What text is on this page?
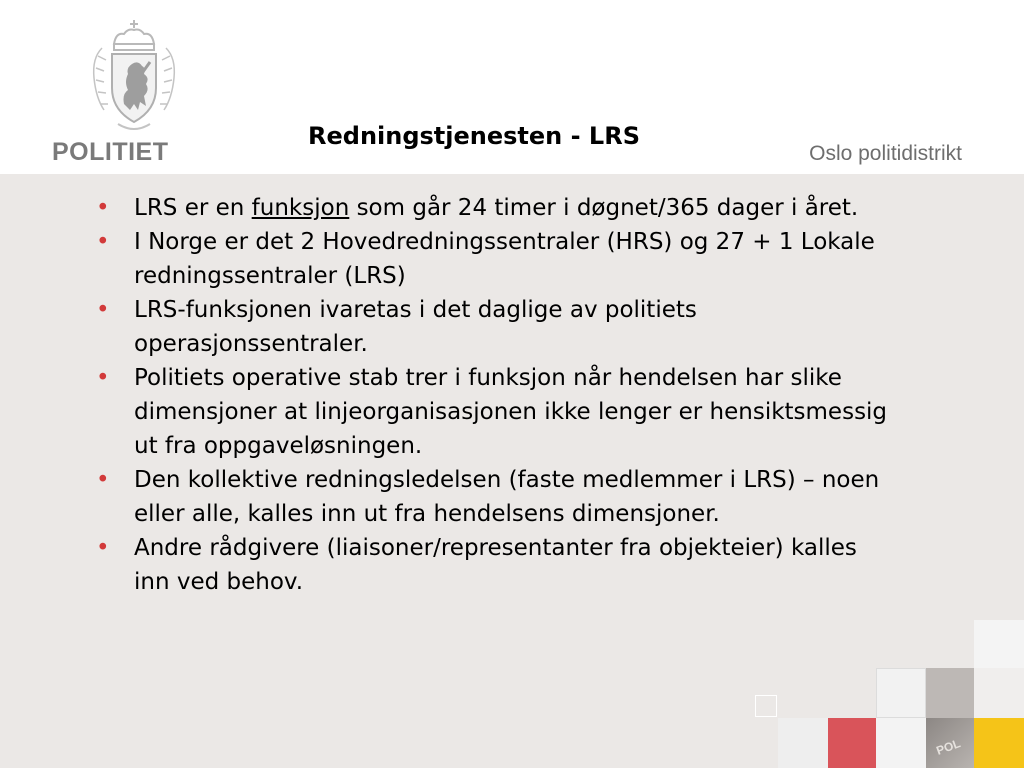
POLITIET
Redningstjenesten - LRS
Oslo politidistrikt
POL
• LRS er en funksjon som går 24 timer i døgnet/365 dager i året.
• I Norge er det 2 Hovedredningssentraler (HRS) og 27 + 1 Lokale redningssentraler (LRS)
• LRS-funksjonen ivaretas i det daglige av politiets operasjonssentraler.
• Politiets operative stab trer i funksjon når hendelsen har slike dimensjoner at linjeorganisasjonen ikke lenger er hensiktsmessig ut fra oppgaveløsningen.
• Den kollektive redningsledelsen (faste medlemmer i LRS) – noen eller alle, kalles inn ut fra hendelsens dimensjoner.
• Andre rådgivere (liaisoner/representanter fra objekteier) kalles inn ved behov.
